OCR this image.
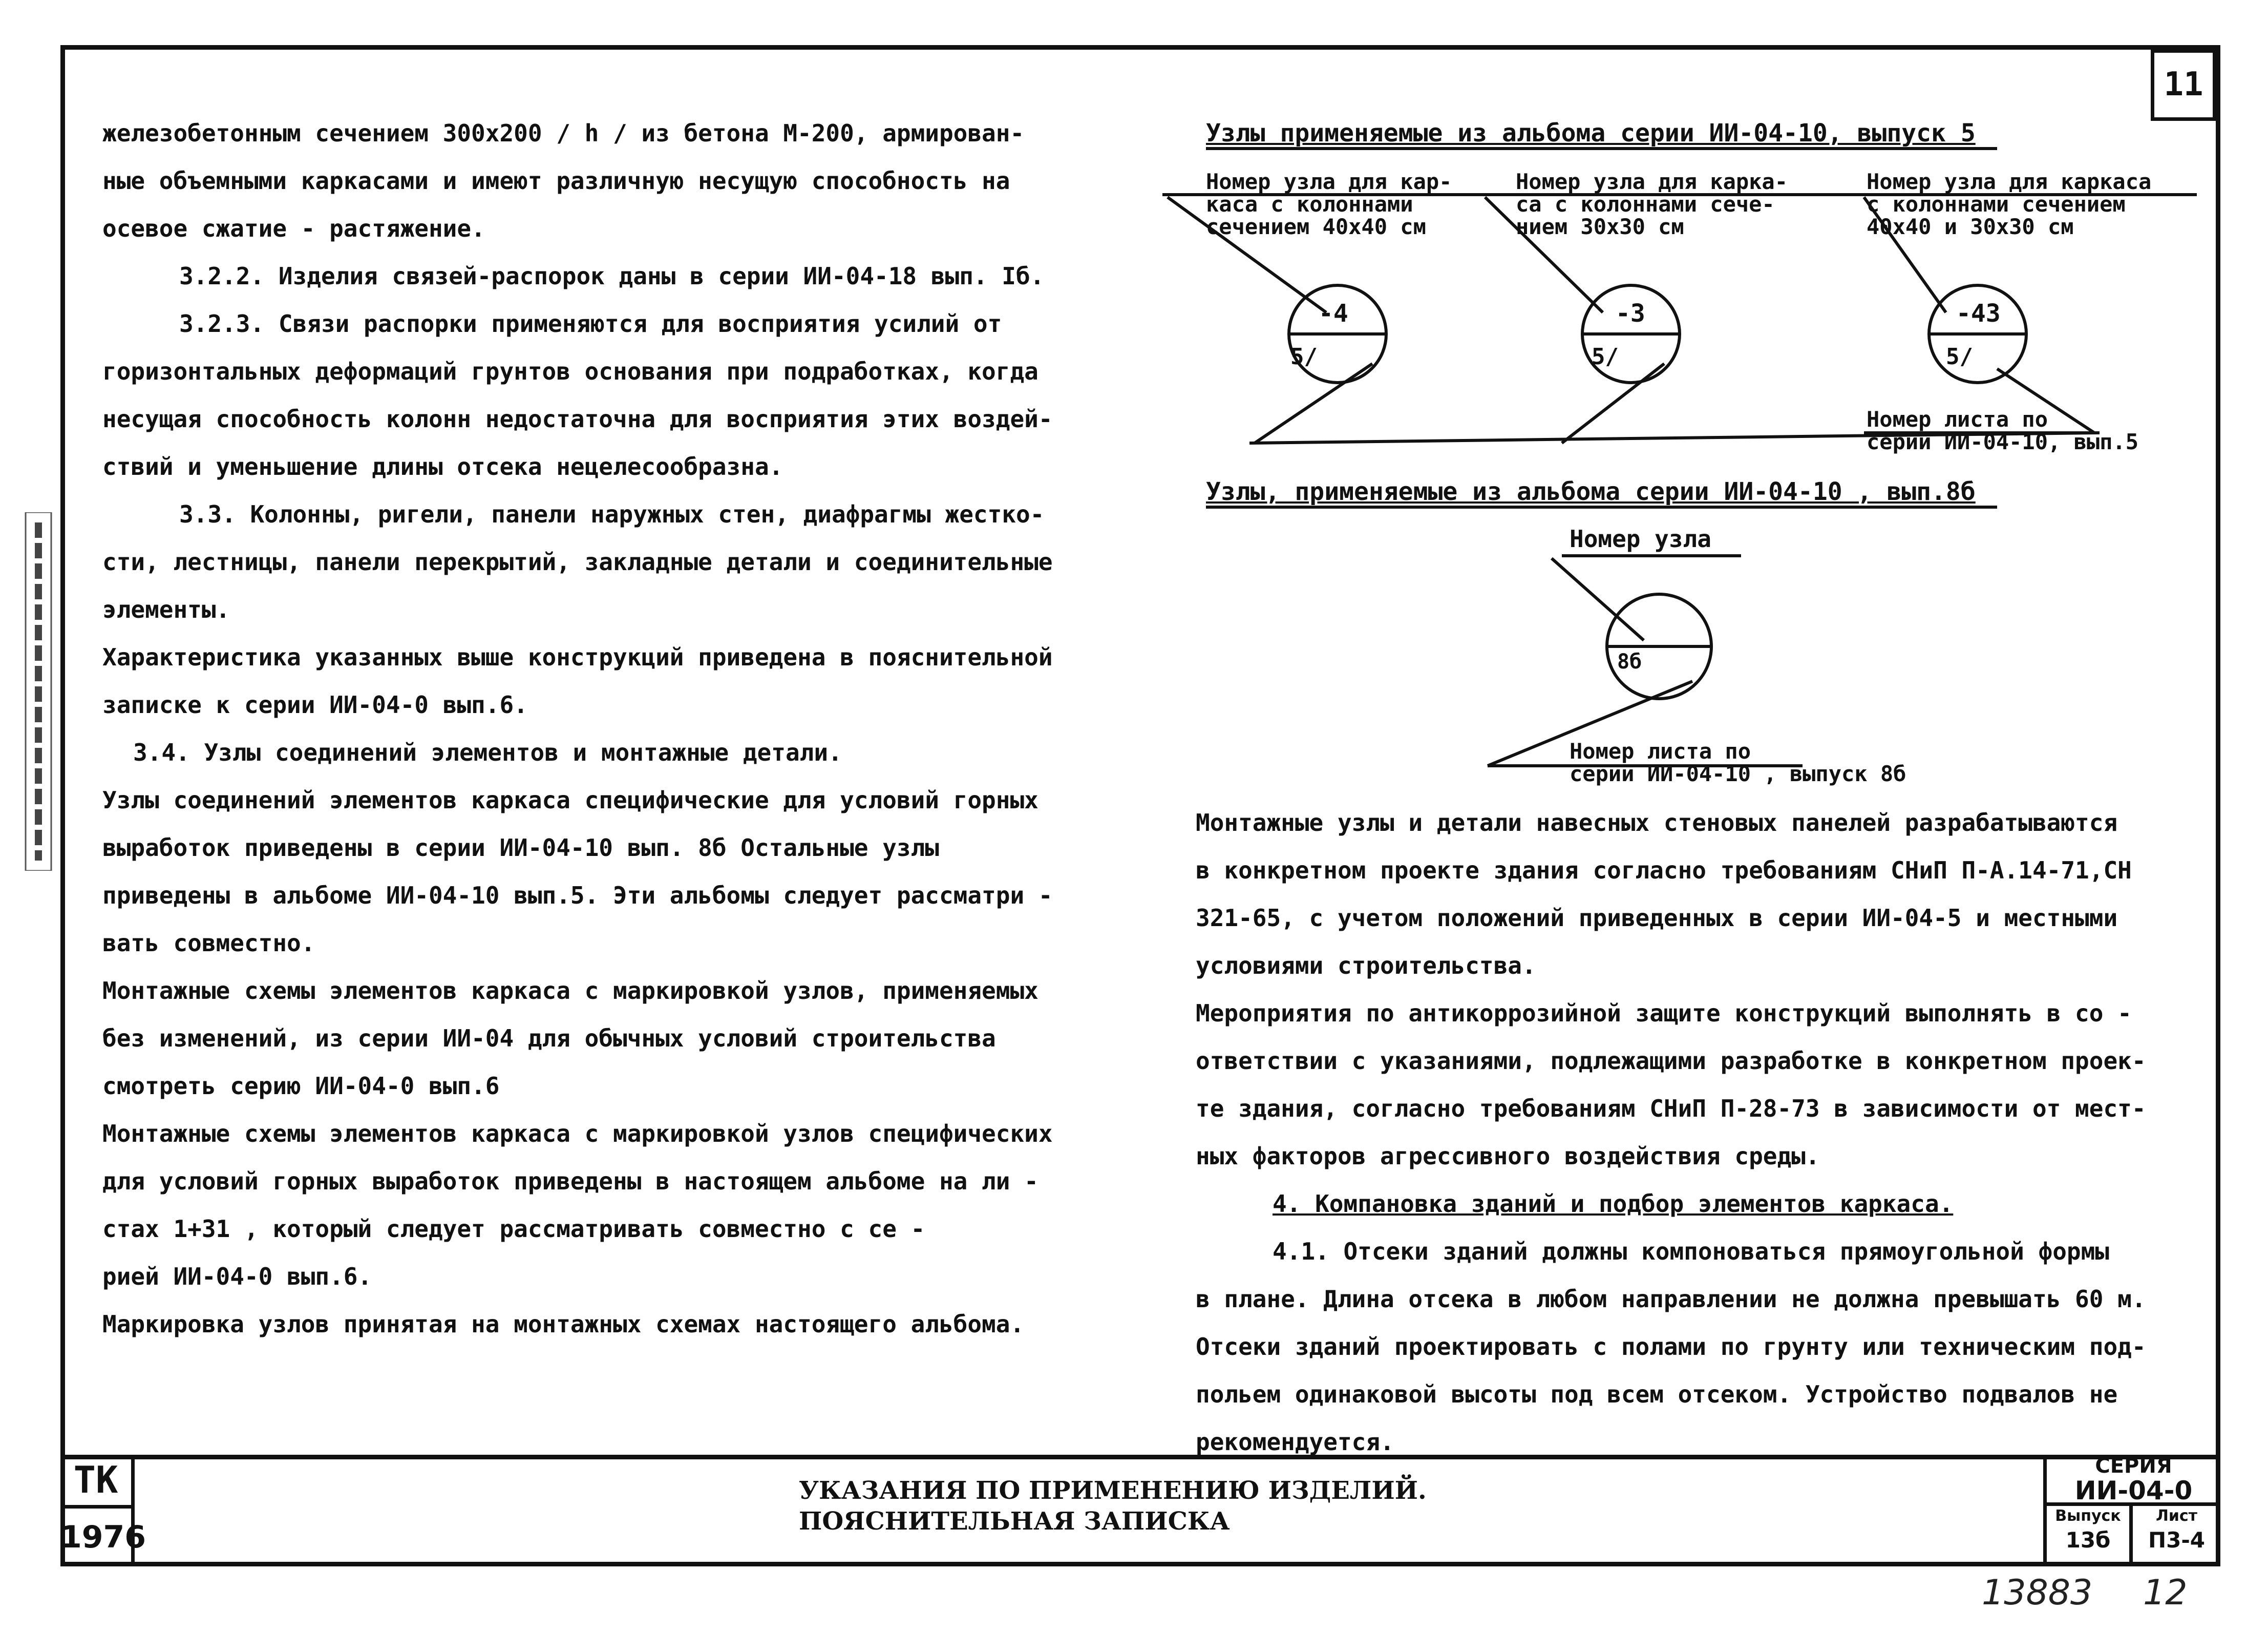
11

железобетонным сечением 300х200 / h / из бетона М-200, армирован-

ные объемными каркасами и имеют различную несущую способность на

осевое сжатие - растяжение.

3.2.2. Изделия связей-распорок даны в серии ИИ-04-18 вып. Iб.

3.2.3. Связи распорки применяются для восприятия усилий от

горизонтальных деформаций грунтов основания при подработках, когда

несущая способность колонн недостаточна для восприятия этих воздей-

ствий и уменьшение длины отсека нецелесообразна.

3.3. Колонны, ригели, панели наружных стен, диафрагмы жестко-

сти, лестницы, панели перекрытий, закладные детали и соединительные

элементы.

Характеристика указанных выше конструкций приведена в пояснительной

записке к серии ИИ-04-0 вып.6.

3.4. Узлы соединений элементов и монтажные детали.

Узлы соединений элементов каркаса специфические для условий горных

выработок приведены в серии ИИ-04-10 вып. 8б Остальные узлы

приведены в альбоме ИИ-04-10 вып.5. Эти альбомы следует рассматри -

вать совместно.

Монтажные схемы элементов каркаса с маркировкой узлов, применяемых

без изменений, из серии ИИ-04 для обычных условий строительства

смотреть серию ИИ-04-0 вып.6

Монтажные схемы элементов каркаса с маркировкой узлов специфических

для условий горных выработок приведены в настоящем альбоме на ли -

стах 1+31 , который следует рассматривать совместно с се -

рией ИИ-04-0 вып.6.

Маркировка узлов принятая на монтажных схемах настоящего альбома.

Узлы применяемые из альбома серии ИИ-04-10, выпуск 5
Номер узла для кар-
каса с колоннами
сечением 40х40 см
Номер узла для карка-
са с колоннами сече-
нием 30х30 см
Номер узла для каркаса
с колоннами сечением
40х40 и 30х30 см
-4
5/
-3
5/
-43
5/
Номер листа по
серии ИИ-04-10, вып.5
Узлы, применяемые из альбома серии ИИ-04-10 , вып.8б
Номер узла
8б
Номер листа по
серии ИИ-04-10 , выпуск 8б

Монтажные узлы и детали навесных стеновых панелей разрабатываются

в конкретном проекте здания согласно требованиям СНиП П-А.14-71,СН

321-65, с учетом положений приведенных в серии ИИ-04-5 и местными

условиями строительства.

Мероприятия по антикоррозийной защите конструкций выполнять в со -

ответствии с указаниями, подлежащими разработке в конкретном проек-

те здания, согласно требованиям СНиП П-28-73 в зависимости от мест-

ных факторов агрессивного воздействия среды.

4. Компановка зданий и подбор элементов каркаса.

4.1. Отсеки зданий должны компоноваться прямоугольной формы

в плане. Длина отсека в любом направлении не должна превышать 60 м.

Отсеки зданий проектировать с полами по грунту или техническим под-

польем одинаковой высоты под всем отсеком. Устройство подвалов не

рекомендуется.

ТК
1976
УКАЗАНИЯ ПО ПРИМЕНЕНИЮ ИЗДЕЛИЙ.
ПОЯСНИТЕЛЬНАЯ ЗАПИСКА
СЕРИЯ
ИИ-04-0
Выпуск
13б
Лист
П3-4
13883 12
